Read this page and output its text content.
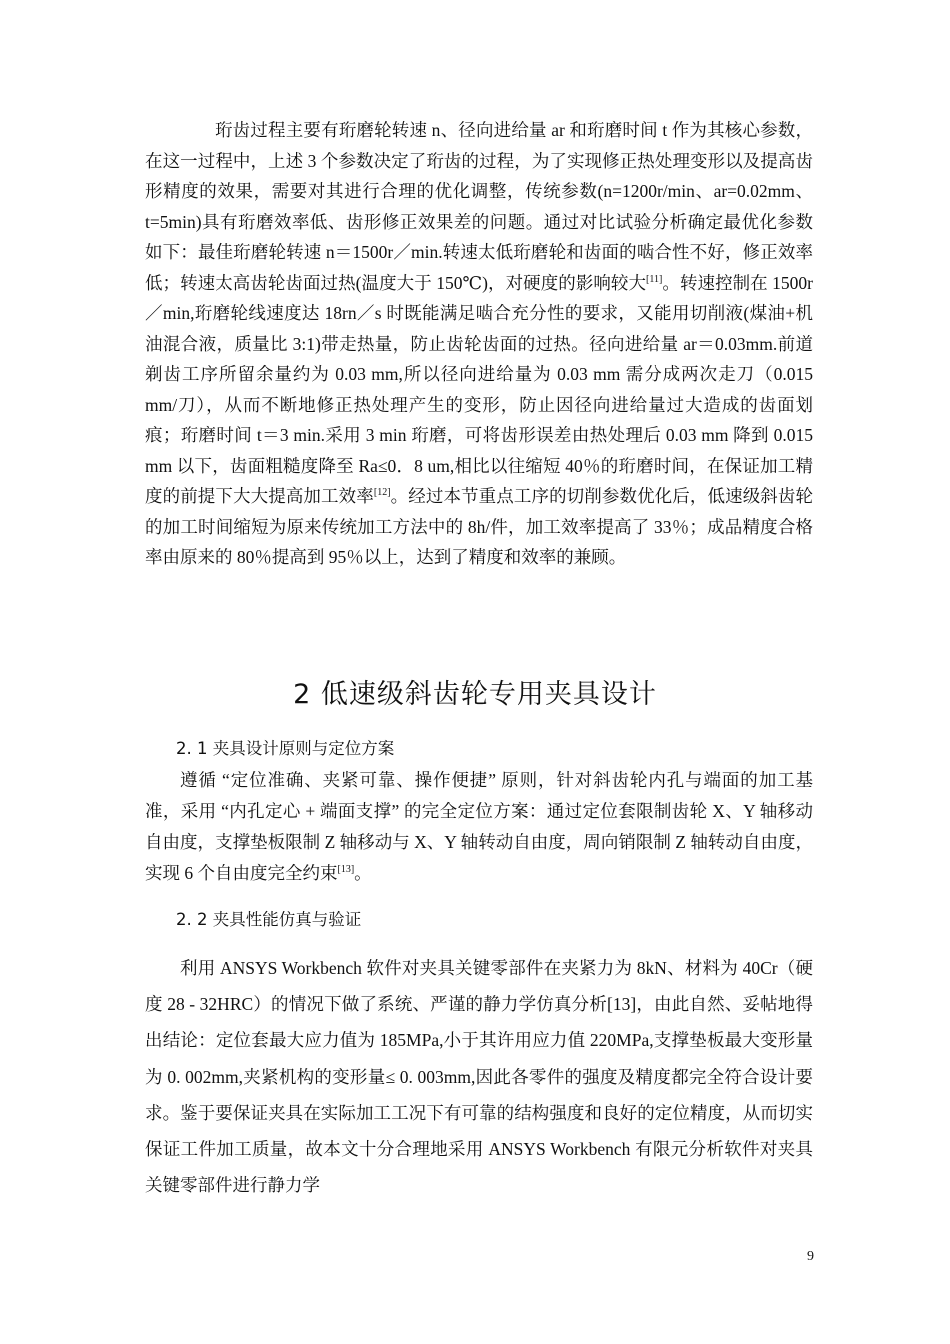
珩齿过程主要有珩磨轮转速 n、径向进给量 ar 和珩磨时间 t 作为其核心参数，在这一过程中，上述 3 个参数决定了珩齿的过程，为了实现修正热处理变形以及提高齿形精度的效果，需要对其进行合理的优化调整，传统参数(n=1200r/min、ar=0.02mm、t=5min)具有珩磨效率低、齿形修正效果差的问题。通过对比试验分析确定最优化参数如下：最佳珩磨轮转速 n＝1500r／min.转速太低珩磨轮和齿面的啮合性不好，修正效率低；转速太高齿轮齿面过热(温度大于 150℃)，对硬度的影响较大[11]。转速控制在 1500r／min,珩磨轮线速度达 18rn／s 时既能满足啮合充分性的要求，又能用切削液(煤油+机油混合液，质量比 3:1)带走热量，防止齿轮齿面的过热。径向进给量 ar＝0.03mm.前道剃齿工序所留余量约为 0.03 mm,所以径向进给量为 0.03 mm 需分成两次走刀（0.015 mm/刀），从而不断地修正热处理产生的变形，防止因径向进给量过大造成的齿面划痕；珩磨时间 t＝3 min.采用 3 min 珩磨，可将齿形误差由热处理后 0.03 mm 降到 0.015 mm 以下，齿面粗糙度降至 Ra≤0．8 um,相比以往缩短 40％的珩磨时间，在保证加工精度的前提下大大提高加工效率[12]。经过本节重点工序的切削参数优化后，低速级斜齿轮的加工时间缩短为原来传统加工方法中的 8h/件，加工效率提高了 33％；成品精度合格率由原来的 80％提高到 95％以上，达到了精度和效率的兼顾。

2 低速级斜齿轮专用夹具设计
2. 1 夹具设计原则与定位方案

遵循 “定位准确、夹紧可靠、操作便捷” 原则，针对斜齿轮内孔与端面的加工基准，采用 “内孔定心 + 端面支撑” 的完全定位方案：通过定位套限制齿轮 X、Y 轴移动自由度，支撑垫板限制 Z 轴移动与 X、Y 轴转动自由度，周向销限制 Z 轴转动自由度，实现 6 个自由度完全约束[13]。

2. 2 夹具性能仿真与验证

利用 ANSYS Workbench 软件对夹具关键零部件在夹紧力为 8kN、材料为 40Cr（硬度 28 - 32HRC）的情况下做了系统、严谨的静力学仿真分析[13]，由此自然、妥帖地得出结论：定位套最大应力值为 185MPa,小于其许用应力值 220MPa,支撑垫板最大变形量为 0. 002mm,夹紧机构的变形量≤ 0. 003mm,因此各零件的强度及精度都完全符合设计要求。鉴于要保证夹具在实际加工工况下有可靠的结构强度和良好的定位精度，从而切实保证工件加工质量，故本文十分合理地采用 ANSYS Workbench 有限元分析软件对夹具关键零部件进行静力学

9
